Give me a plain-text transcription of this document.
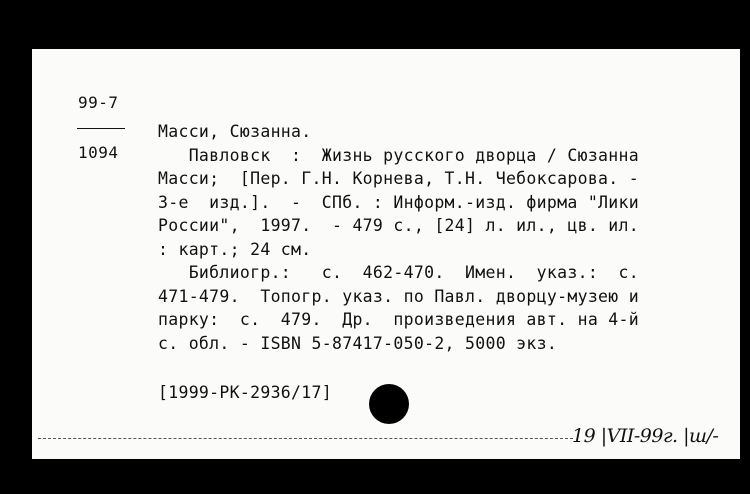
99-7
1094
Масси, Сюзанна.
Павловск  :  Жизнь русского дворца / Сюзанна
Масси;  [Пер. Г.Н. Корнева, Т.Н. Чебоксарова. -
3-е  изд.].  -  СПб. : Информ.-изд. фирма "Лики
России",  1997.  - 479 с., [24] л. ил., цв. ил.
: карт.; 24 см.
Библиогр.:   с.  462-470.  Имен.  указ.:  с.
471-479.  Топогр. указ. по Павл. дворцу-музею и
парку:  с.  479.  Др.  произведения авт. на 4-й
с. обл. - ISBN 5-87417-050-2, 5000 экз.
[1999-РК-2936/17]
19 |VII-99г. |ш/-
